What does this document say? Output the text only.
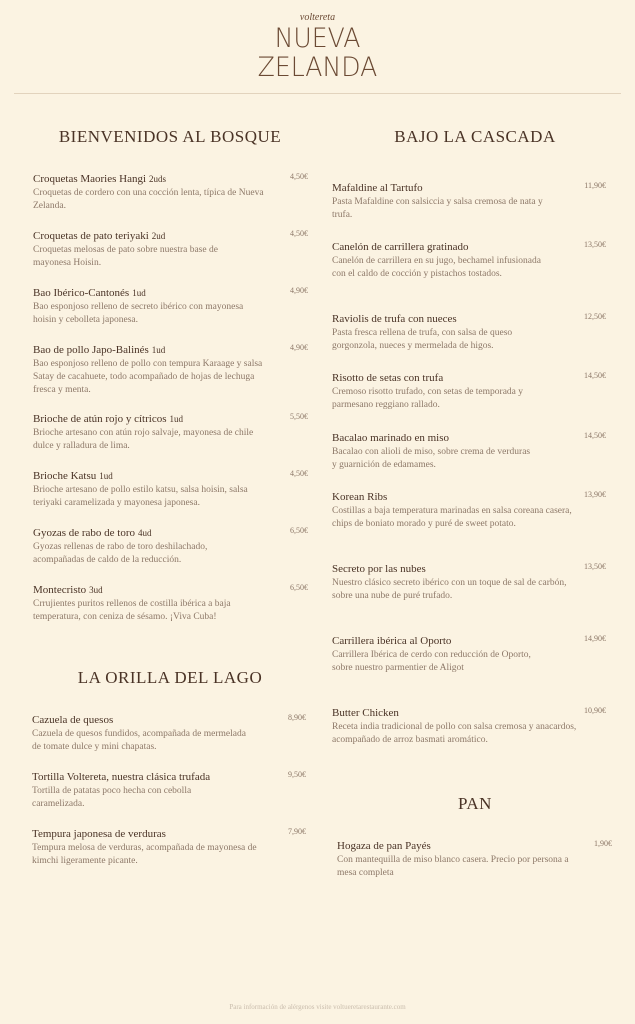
voltereta
NUEVA
ZELANDA
BIENVENIDOS AL BOSQUE	BAJO LA CASCADA
LA ORILLA DEL LAGO
PAN
Croquetas Maories Hangi 2uds
Croquetas de cordero con una cocción lenta, típica de Nueva Zelanda.
4,50€
Croquetas de pato teriyaki 2ud
Croquetas melosas de pato sobre nuestra base de mayonesa Hoisin.
4,50€
Bao Ibérico-Cantonés 1ud
Bao esponjoso relleno de secreto ibérico con mayonesa hoisin y cebolleta japonesa.
4,90€
Bao de pollo Japo-Balinés 1ud
Bao esponjoso relleno de pollo con tempura Karaage y salsa Satay de cacahuete, todo acompañado de hojas de lechuga fresca y menta.
4,90€
Brioche de atún rojo y cítricos 1ud
Brioche artesano con atún rojo salvaje, mayonesa de chile dulce y ralladura de lima.
5,50€
Brioche Katsu 1ud
Brioche artesano de pollo estilo katsu, salsa hoisin, salsa teriyaki caramelizada y mayonesa japonesa.
4,50€
Gyozas de rabo de toro 4ud
Gyozas rellenas de rabo de toro deshilachado, acompañadas de caldo de la reducción.
6,50€
Montecristo 3ud
Crrujientes puritos rellenos de costilla ibérica a baja temperatura, con ceniza de sésamo. ¡Viva Cuba!
6,50€
Cazuela de quesos
Cazuela de quesos fundidos, acompañada de mermelada de tomate dulce y mini chapatas.
8,90€
Tortilla Voltereta, nuestra clásica trufada
Tortilla de patatas poco hecha con cebolla caramelizada.
9,50€
Tempura japonesa de verduras
Tempura melosa de verduras, acompañada de mayonesa de kimchi ligeramente picante.
7,90€
Mafaldine al Tartufo
Pasta Mafaldine con salsiccia y salsa cremosa de nata y trufa.
11,90€
Canelón de carrillera gratinado
Canelón de carrillera en su jugo, bechamel infusionada con el caldo de cocción y pistachos tostados.
13,50€
Raviolis de trufa con nueces
Pasta fresca rellena de trufa, con salsa de queso gorgonzola, nueces y mermelada de higos.
12,50€
Risotto de setas con trufa
Cremoso risotto trufado, con setas de temporada y parmesano reggiano rallado.
14,50€
Bacalao marinado en miso
Bacalao con alioli de miso, sobre crema de verduras y guarnición de edamames.
14,50€
Korean Ribs
Costillas a baja temperatura marinadas en salsa coreana casera, chips de boniato morado y puré de sweet potato.
13,90€
Secreto por las nubes
Nuestro clásico secreto ibérico con un toque de sal de carbón, sobre una nube de puré trufado.
13,50€
Carrillera ibérica al Oporto
Carrillera Ibérica de cerdo con reducción de Oporto, sobre nuestro parmentier de Aligot
14,90€
Butter Chicken
Receta india tradicional de pollo con salsa cremosa y anacardos, acompañado de arroz basmati aromático.
10,90€
Hogaza de pan Payés
Con mantequilla de miso blanco casera. Precio por persona a mesa completa
1,90€
Para información de alérgenos visite voltueretarestaurante.com
